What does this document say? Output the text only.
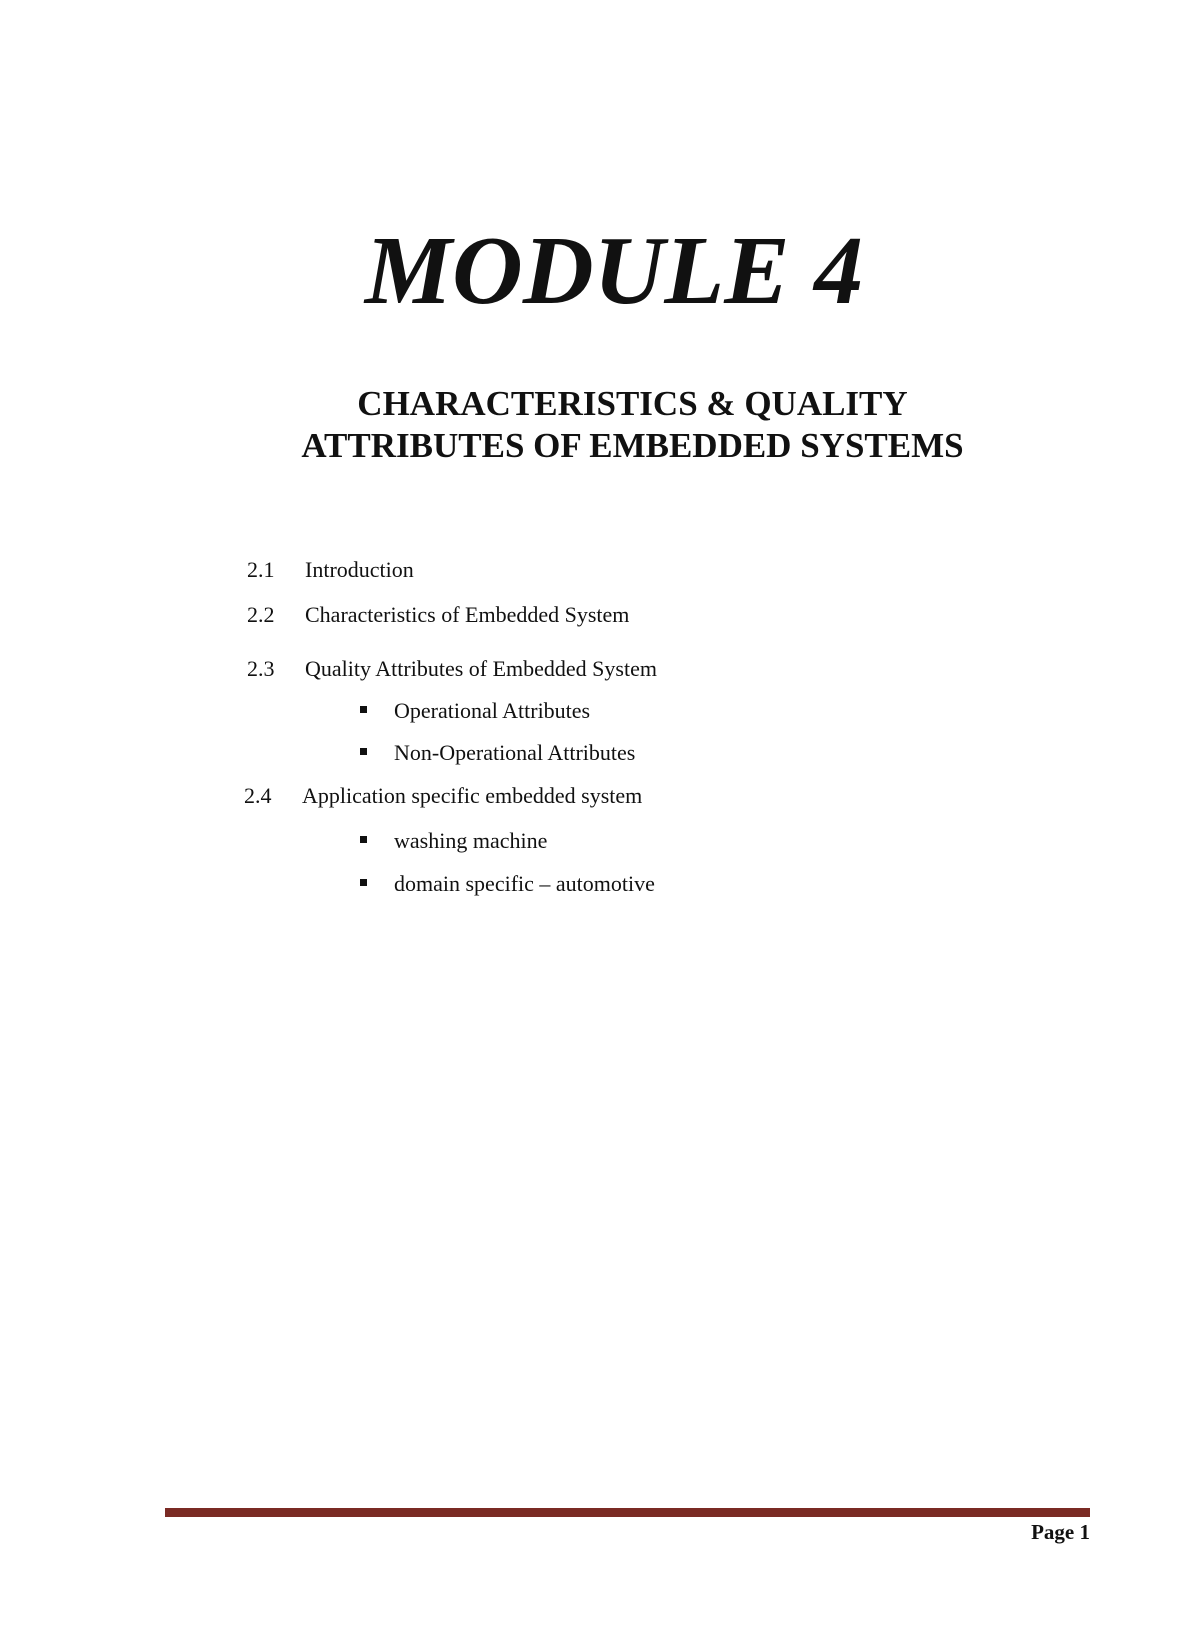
MODULE 4
CHARACTERISTICS & QUALITY
ATTRIBUTES OF EMBEDDED SYSTEMS
2.1 Introduction
2.2 Characteristics of Embedded System
2.3 Quality Attributes of Embedded System
Operational Attributes
Non-Operational Attributes
2.4 Application specific embedded system
washing machine
domain specific – automotive
Page 1
